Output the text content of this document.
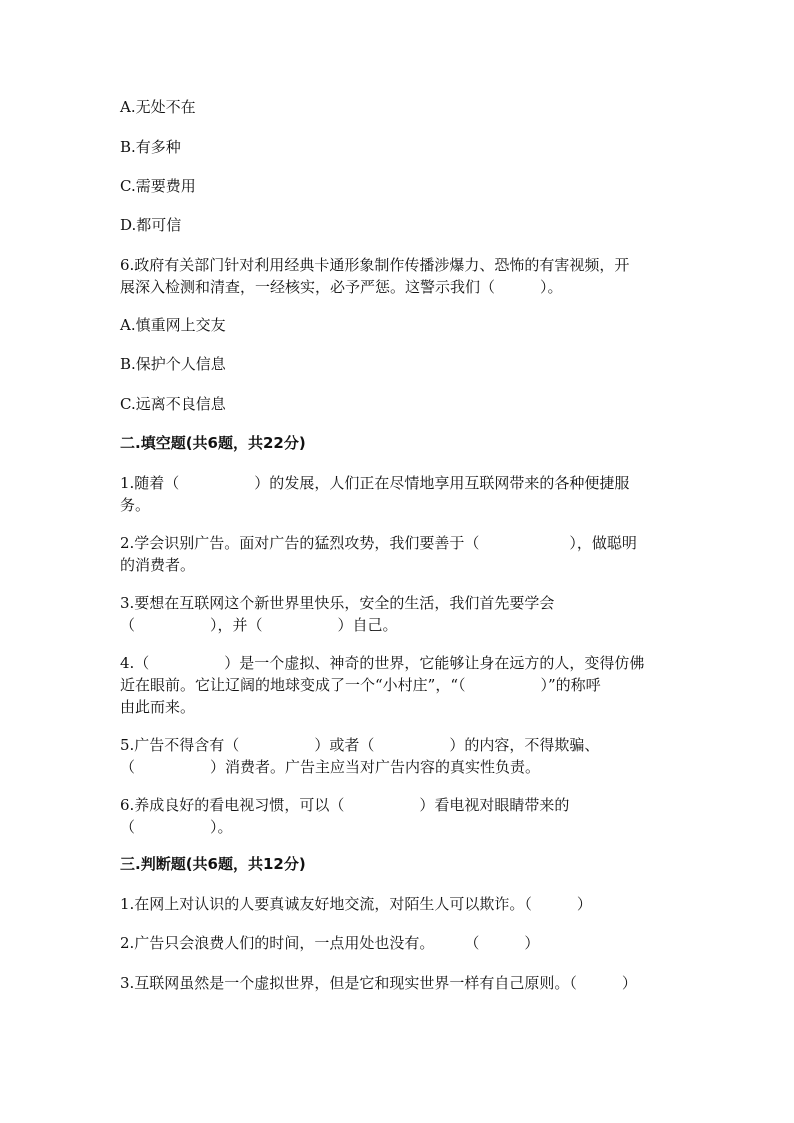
A.无处不在
B.有多种
C.需要费用
D.都可信
6.政府有关部门针对利用经典卡通形象制作传播涉爆力、恐怖的有害视频，开
展深入检测和清查，一经核实，必予严惩。这警示我们（　　　）。
A.慎重网上交友
B.保护个人信息
C.远离不良信息
二.填空题(共6题，共22分)
1.随着（　　　　　）的发展，人们正在尽情地享用互联网带来的各种便捷服
务。
2.学会识别广告。面对广告的猛烈攻势，我们要善于（　　　　　　），做聪明
的消费者。
3.要想在互联网这个新世界里快乐，安全的生活，我们首先要学会
（　　　　　），并（　　　　　）自己。
4.（　　　　　）是一个虚拟、神奇的世界，它能够让身在远方的人，变得仿佛
近在眼前。它让辽阔的地球变成了一个“小村庄”，“（　　　　　）”的称呼
由此而来。
5.广告不得含有（　　　　　）或者（　　　　　）的内容，不得欺骗、
（　　　　　）消费者。广告主应当对广告内容的真实性负责。
6.养成良好的看电视习惯，可以（　　　　　）看电视对眼睛带来的
（　　　　　）。
三.判断题(共6题，共12分)
1.在网上对认识的人要真诚友好地交流，对陌生人可以欺诈。（　　　）
2.广告只会浪费人们的时间，一点用处也没有。　　　（　　　）
3.互联网虽然是一个虚拟世界，但是它和现实世界一样有自己原则。（　　　）
